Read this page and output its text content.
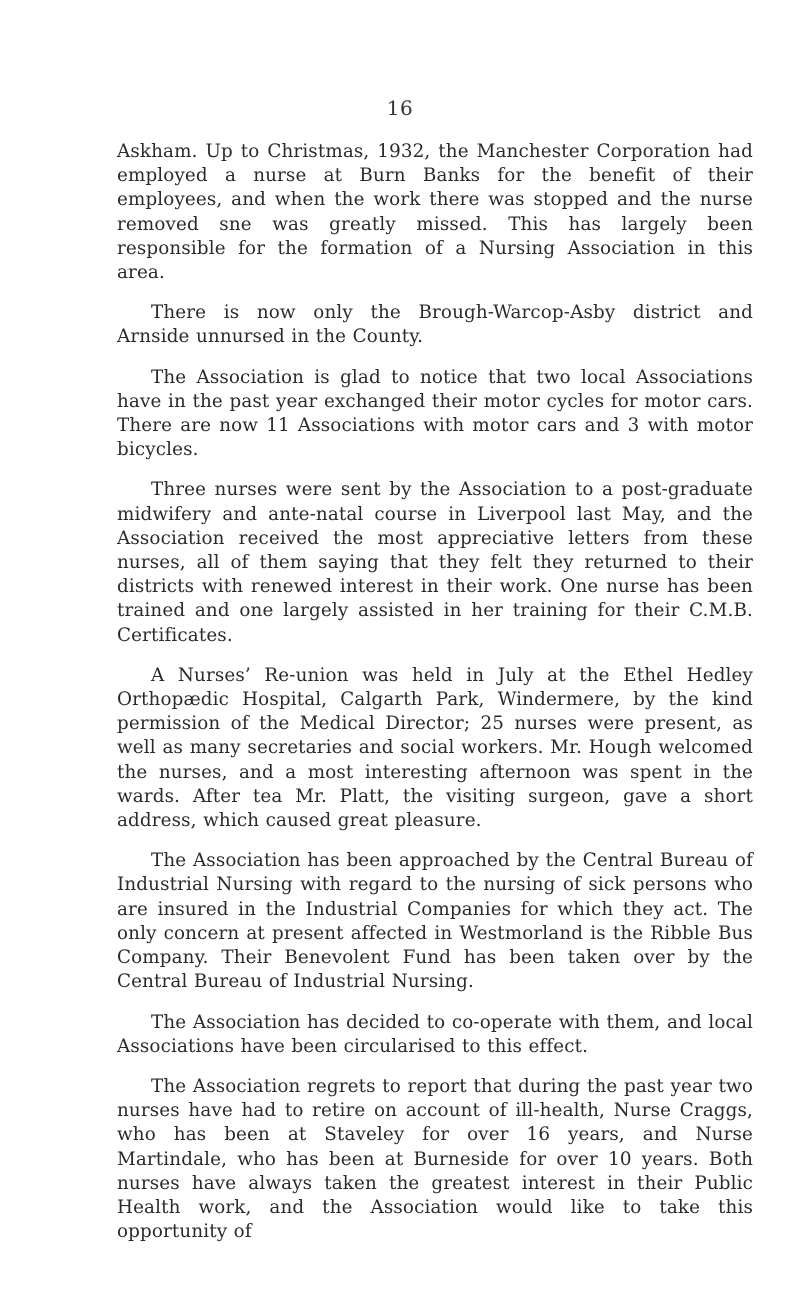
16

Askham. Up to Christmas, 1932, the Manchester Corporation had employed a nurse at Burn Banks for the benefit of their employees, and when the work there was stopped and the nurse removed sne was greatly missed. This has largely been responsible for the formation of a Nursing Association in this area.

There is now only the Brough-Warcop-Asby district and Arnside unnursed in the County.

The Association is glad to notice that two local Associations have in the past year exchanged their motor cycles for motor cars. There are now 11 Associations with motor cars and 3 with motor bicycles.

Three nurses were sent by the Association to a post-graduate midwifery and ante-natal course in Liverpool last May, and the Association received the most appreciative letters from these nurses, all of them saying that they felt they returned to their districts with renewed interest in their work. One nurse has been trained and one largely assisted in her training for their C.M.B. Certificates.

A Nurses’ Re-union was held in July at the Ethel Hedley Orthopædic Hospital, Calgarth Park, Windermere, by the kind permission of the Medical Director; 25 nurses were present, as well as many secretaries and social workers. Mr. Hough welcomed the nurses, and a most interesting afternoon was spent in the wards. After tea Mr. Platt, the visiting surgeon, gave a short address, which caused great pleasure.

The Association has been approached by the Central Bureau of Industrial Nursing with regard to the nursing of sick persons who are insured in the Industrial Companies for which they act. The only concern at present affected in Westmorland is the Ribble Bus Company. Their Benevolent Fund has been taken over by the Central Bureau of Industrial Nursing.

The Association has decided to co-operate with them, and local Associations have been circularised to this effect.

The Association regrets to report that during the past year two nurses have had to retire on account of ill-health, Nurse Craggs, who has been at Staveley for over 16 years, and Nurse Martindale, who has been at Burneside for over 10 years. Both nurses have always taken the greatest interest in their Public Health work, and the Association would like to take this opportunity of
